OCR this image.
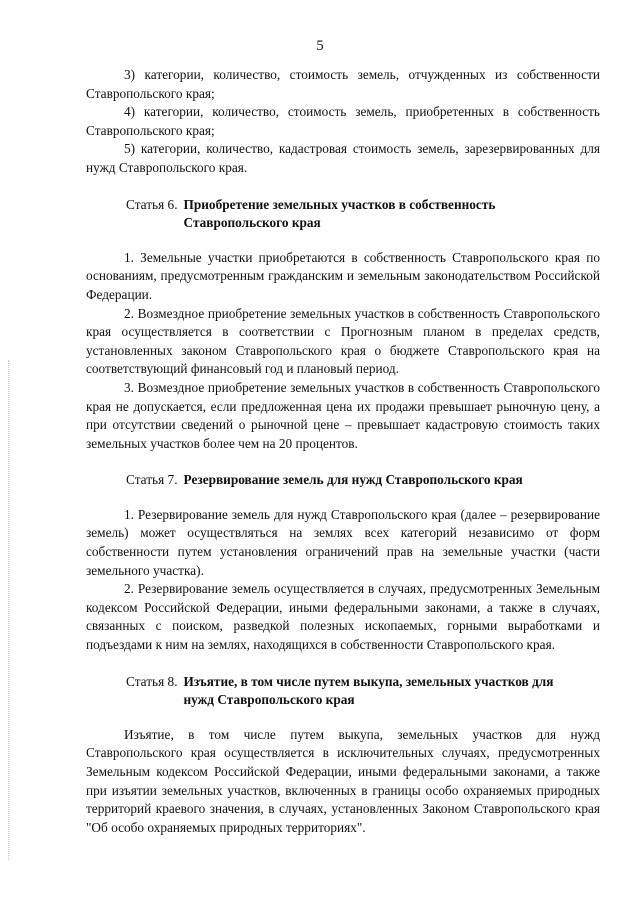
5

3) категории, количество, стоимость земель, отчужденных из собственности Ставропольского края;

4) категории, количество, стоимость земель, приобретенных в собственность Ставропольского края;

5) категории, количество, кадастровая стоимость земель, зарезервированных для нужд Ставропольского края.

Статья 6. Приобретение земельных участков в собственность Ставропольского края

1. Земельные участки приобретаются в собственность Ставропольского края по основаниям, предусмотренным гражданским и земельным законодательством Российской Федерации.

2. Возмездное приобретение земельных участков в собственность Ставропольского края осуществляется в соответствии с Прогнозным планом в пределах средств, установленных законом Ставропольского края о бюджете Ставропольского края на соответствующий финансовый год и плановый период.

3. Возмездное приобретение земельных участков в собственность Ставропольского края не допускается, если предложенная цена их продажи превышает рыночную цену, а при отсутствии сведений о рыночной цене – превышает кадастровую стоимость таких земельных участков более чем на 20 процентов.

Статья 7. Резервирование земель для нужд Ставропольского края

1. Резервирование земель для нужд Ставропольского края (далее – резервирование земель) может осуществляться на землях всех категорий независимо от форм собственности путем установления ограничений прав на земельные участки (части земельного участка).

2. Резервирование земель осуществляется в случаях, предусмотренных Земельным кодексом Российской Федерации, иными федеральными законами, а также в случаях, связанных с поиском, разведкой полезных ископаемых, горными выработками и подъездами к ним на землях, находящихся в собственности Ставропольского края.

Статья 8. Изъятие, в том числе путем выкупа, земельных участков для нужд Ставропольского края

Изъятие, в том числе путем выкупа, земельных участков для нужд Ставропольского края осуществляется в исключительных случаях, предусмотренных Земельным кодексом Российской Федерации, иными федеральными законами, а также при изъятии земельных участков, включенных в границы особо охраняемых природных территорий краевого значения, в случаях, установленных Законом Ставропольского края "Об особо охраняемых природных территориях".
